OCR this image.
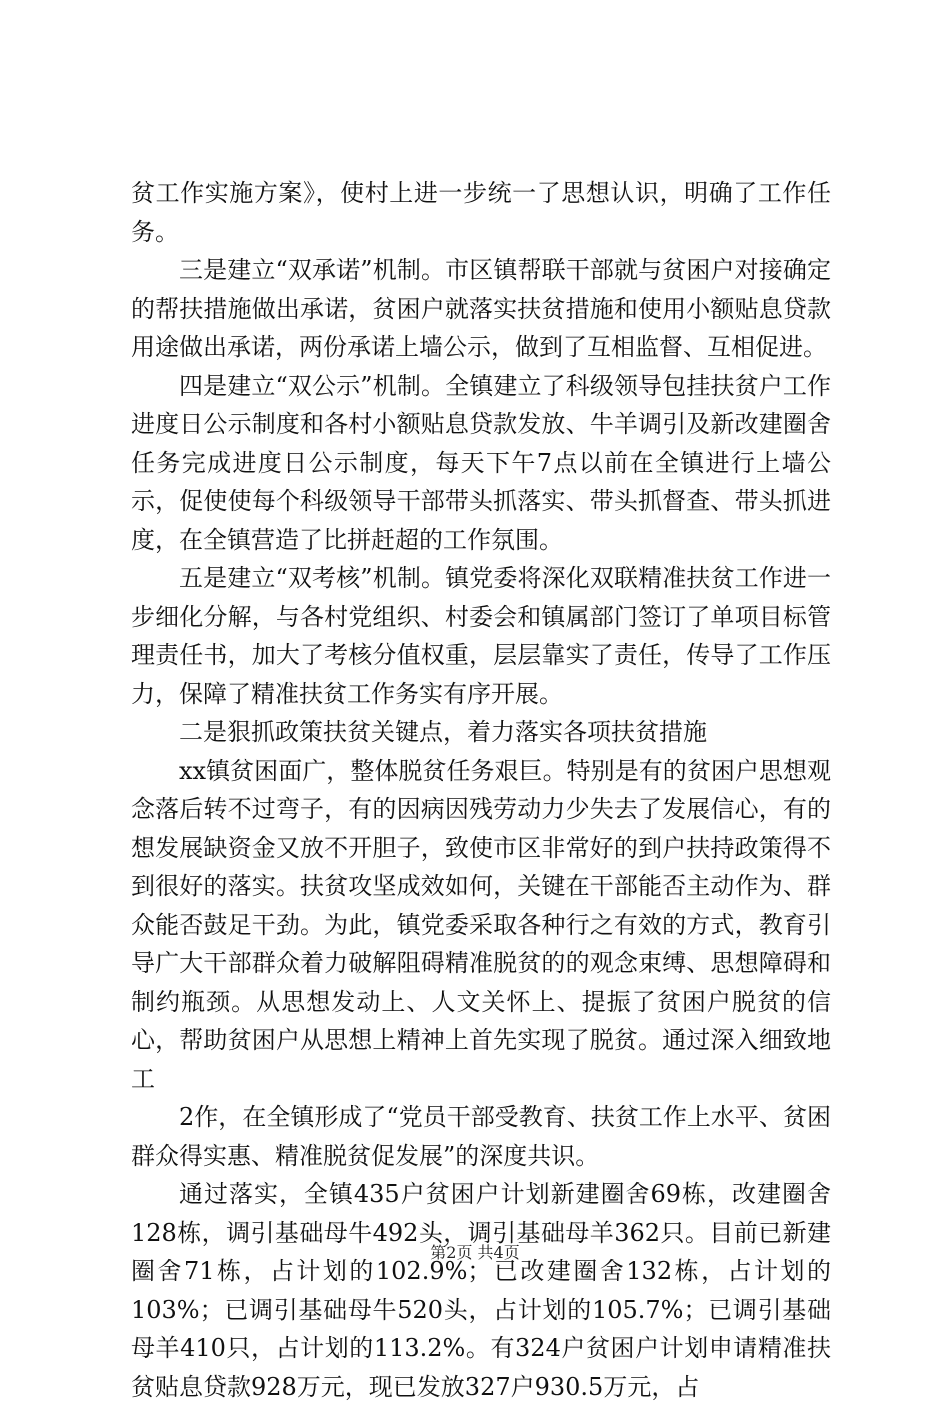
贫工作实施方案》，使村上进一步统一了思想认识，明确了工作任务。

三是建立“双承诺”机制。市区镇帮联干部就与贫困户对接确定的帮扶措施做出承诺，贫困户就落实扶贫措施和使用小额贴息贷款用途做出承诺，两份承诺上墙公示，做到了互相监督、互相促进。

四是建立“双公示”机制。全镇建立了科级领导包挂扶贫户工作进度日公示制度和各村小额贴息贷款发放、牛羊调引及新改建圈舍任务完成进度日公示制度，每天下午7点以前在全镇进行上墙公示，促使使每个科级领导干部带头抓落实、带头抓督查、带头抓进度，在全镇营造了比拼赶超的工作氛围。

五是建立“双考核”机制。镇党委将深化双联精准扶贫工作进一步细化分解，与各村党组织、村委会和镇属部门签订了单项目标管理责任书，加大了考核分值权重，层层靠实了责任，传导了工作压力，保障了精准扶贫工作务实有序开展。

二是狠抓政策扶贫关键点，着力落实各项扶贫措施

xx镇贫困面广，整体脱贫任务艰巨。特别是有的贫困户思想观念落后转不过弯子，有的因病因残劳动力少失去了发展信心，有的想发展缺资金又放不开胆子，致使市区非常好的到户扶持政策得不到很好的落实。扶贫攻坚成效如何，关键在干部能否主动作为、群众能否鼓足干劲。为此，镇党委采取各种行之有效的方式，教育引导广大干部群众着力破解阻碍精准脱贫的的观念束缚、思想障碍和制约瓶颈。从思想发动上、人文关怀上、提振了贫困户脱贫的信心，帮助贫困户从思想上精神上首先实现了脱贫。通过深入细致地工

2作，在全镇形成了“党员干部受教育、扶贫工作上水平、贫困群众得实惠、精准脱贫促发展”的深度共识。

通过落实，全镇435户贫困户计划新建圈舍69栋，改建圈舍128栋，调引基础母牛492头，调引基础母羊362只。目前已新建圈舍71栋，占计划的102.9%；已改建圈舍132栋，占计划的103%；已调引基础母牛520头，占计划的105.7%；已调引基础母羊410只，占计划的113.2%。有324户贫困户计划申请精准扶贫贴息贷款928万元，现已发放327户930.5万元，占

第2页 共4页
